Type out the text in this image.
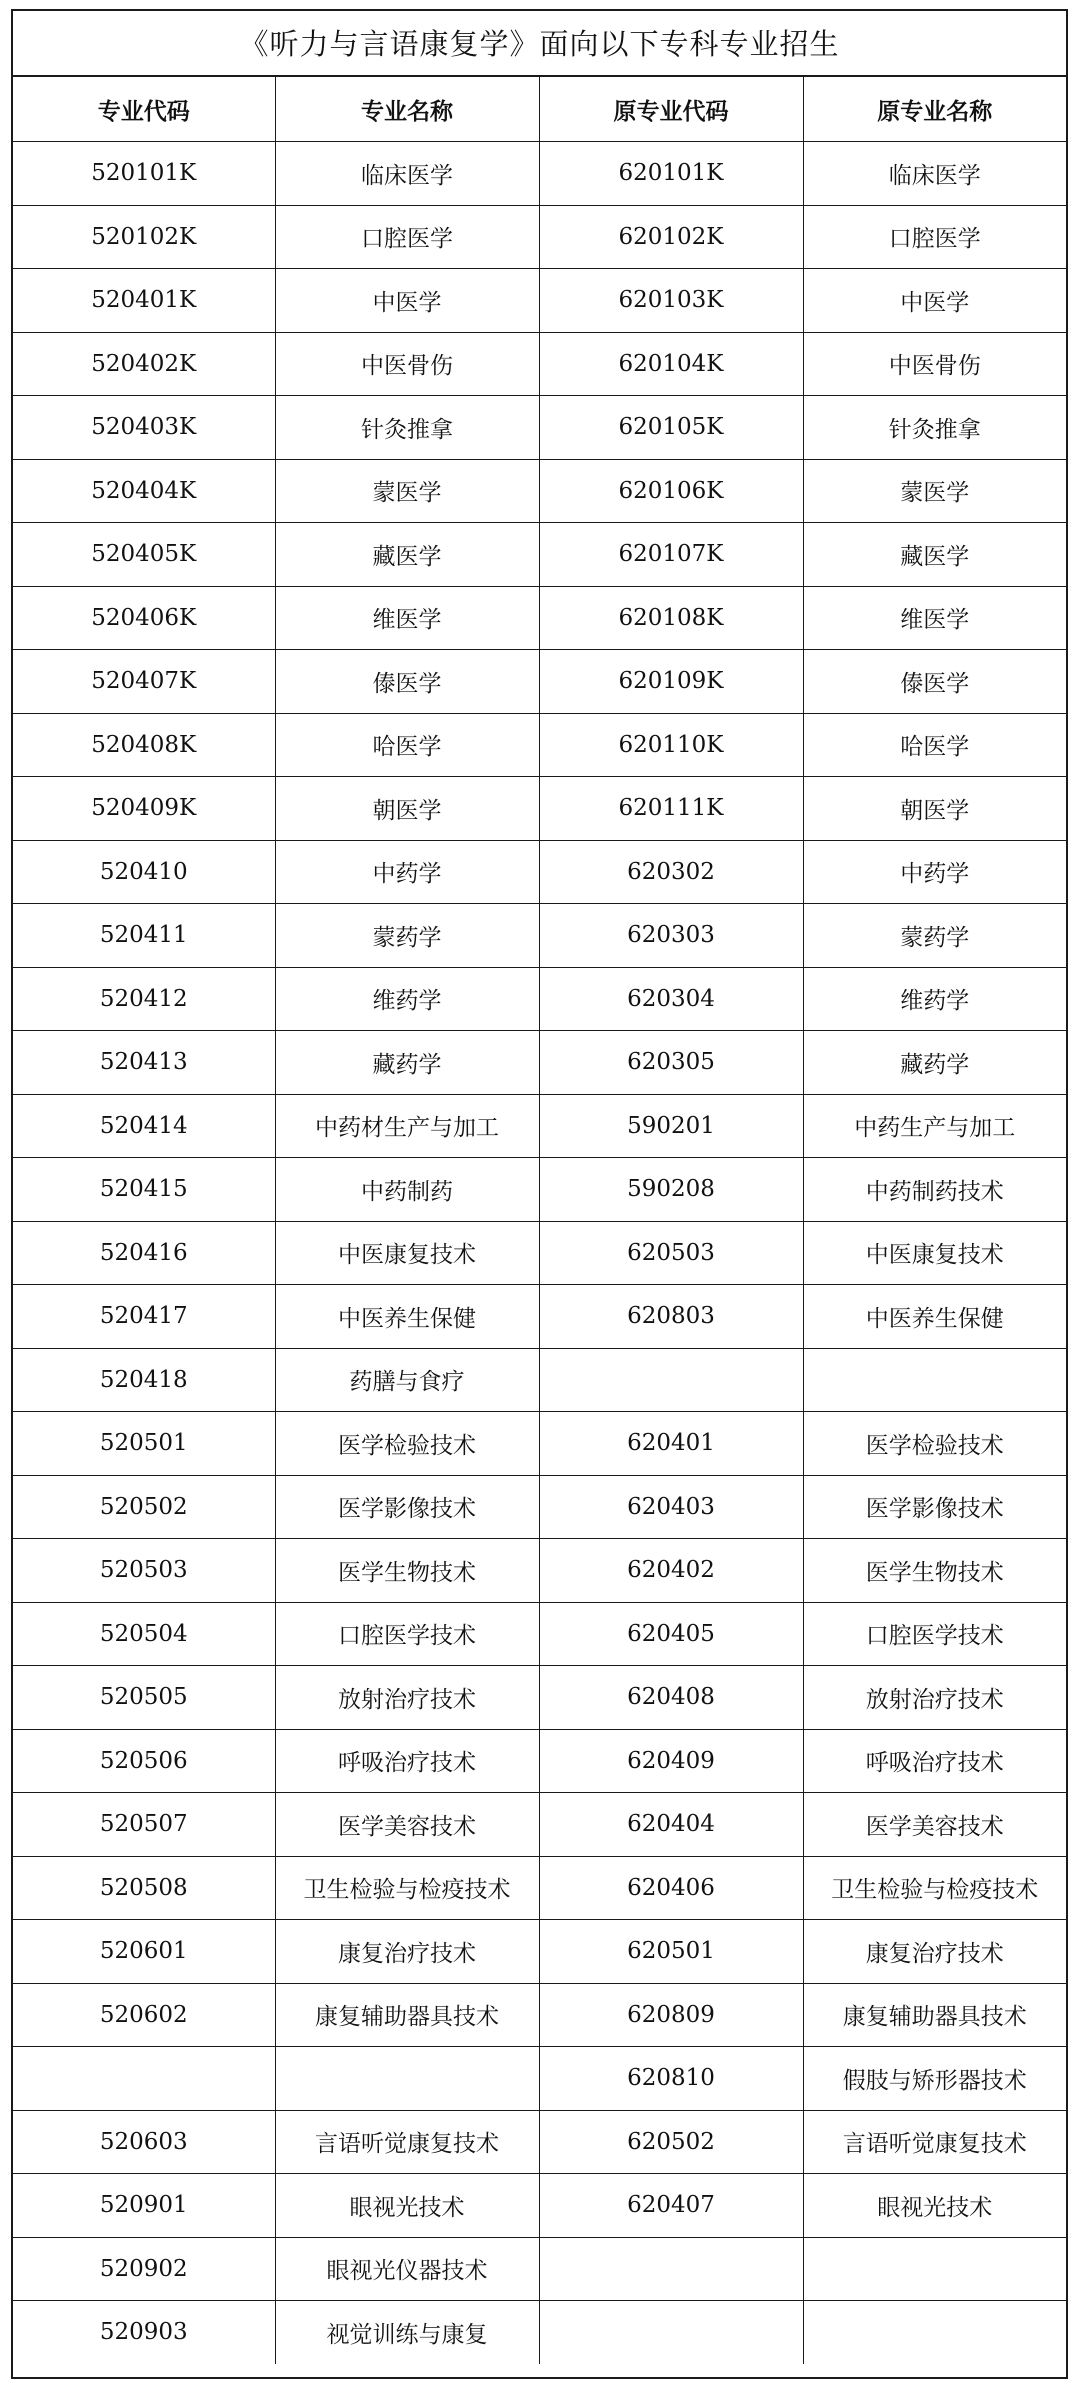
《听力与言语康复学》面向以下专科专业招生
专业代码	专业名称	原专业代码	原专业名称
520101K	临床医学	620101K	临床医学
520102K	口腔医学	620102K	口腔医学
520401K	中医学	620103K	中医学
520402K	中医骨伤	620104K	中医骨伤
520403K	针灸推拿	620105K	针灸推拿
520404K	蒙医学	620106K	蒙医学
520405K	藏医学	620107K	藏医学
520406K	维医学	620108K	维医学
520407K	傣医学	620109K	傣医学
520408K	哈医学	620110K	哈医学
520409K	朝医学	620111K	朝医学
520410	中药学	620302	中药学
520411	蒙药学	620303	蒙药学
520412	维药学	620304	维药学
520413	藏药学	620305	藏药学
520414	中药材生产与加工	590201	中药生产与加工
520415	中药制药	590208	中药制药技术
520416	中医康复技术	620503	中医康复技术
520417	中医养生保健	620803	中医养生保健
520418	药膳与食疗		
520501	医学检验技术	620401	医学检验技术
520502	医学影像技术	620403	医学影像技术
520503	医学生物技术	620402	医学生物技术
520504	口腔医学技术	620405	口腔医学技术
520505	放射治疗技术	620408	放射治疗技术
520506	呼吸治疗技术	620409	呼吸治疗技术
520507	医学美容技术	620404	医学美容技术
520508	卫生检验与检疫技术	620406	卫生检验与检疫技术
520601	康复治疗技术	620501	康复治疗技术
520602	康复辅助器具技术	620809	康复辅助器具技术
		620810	假肢与矫形器技术
520603	言语听觉康复技术	620502	言语听觉康复技术
520901	眼视光技术	620407	眼视光技术
520902	眼视光仪器技术		
520903	视觉训练与康复		
